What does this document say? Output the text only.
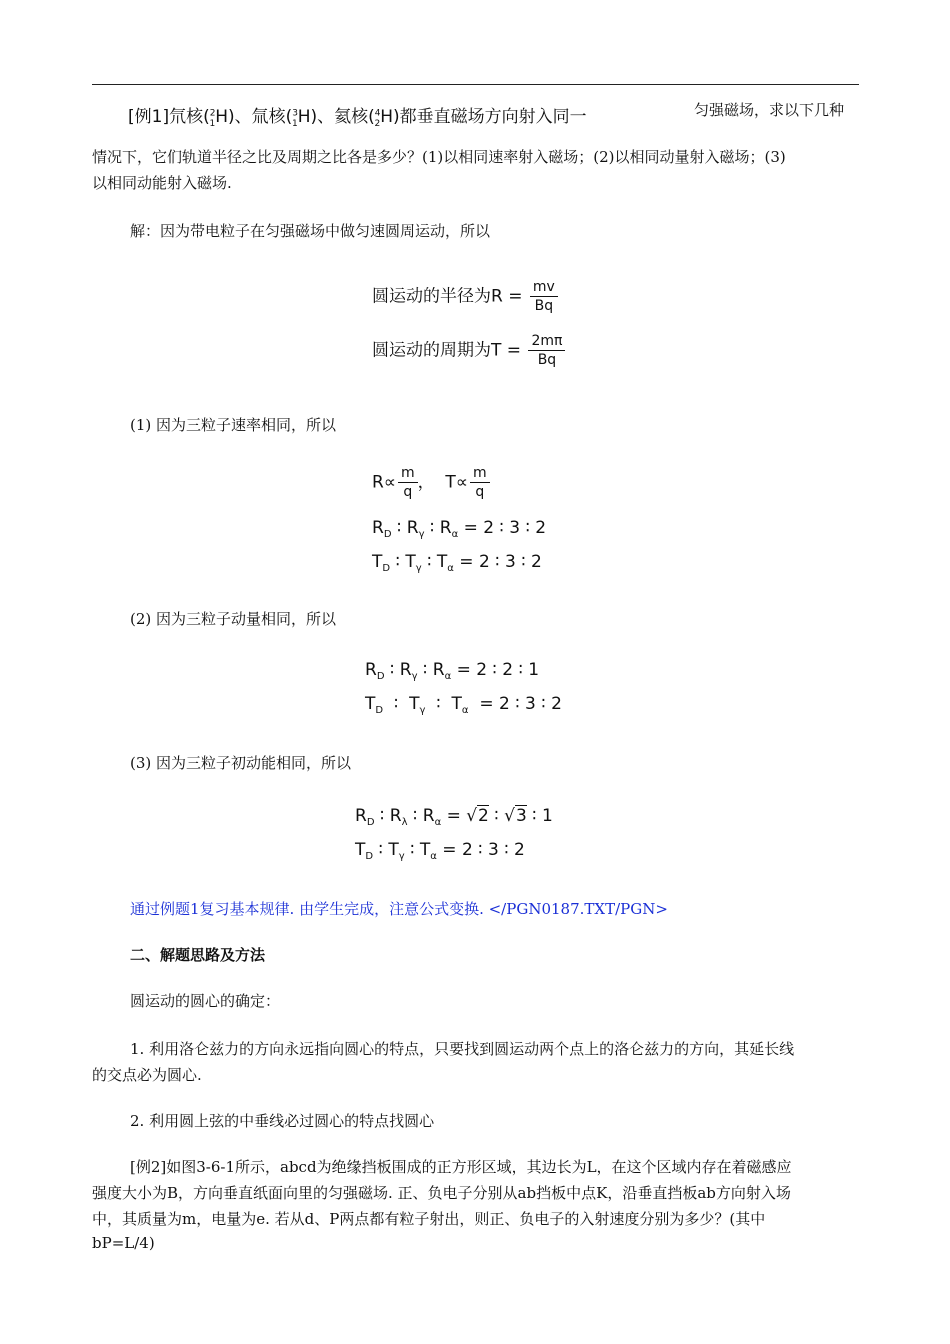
[例1]氘核($^2_1$H)、氚核($^3_1$H)、氦核($^4_2$H)都垂直磁场方向射入同一	匀强磁场，求以下几种
情况下，它们轨道半径之比及周期之比各是多少？(1)以相同速率射入磁场；(2)以相同动量射入磁场；(3)
以相同动能射入磁场.
解：因为带电粒子在匀强磁场中做匀速圆周运动，所以
圆运动的半径为$R = \frac{mv}{Bq}$
圆运动的周期为$T = \frac{2m\pi}{Bq}$
(1) 因为三粒子速率相同，所以
$R\propto \frac{m}{q}$ ， $T\propto \frac{m}{q}$
$R_D$ ∶ $R_\gamma$ ∶ $R_\alpha = 2$ ∶ 3 ∶ 2
$T_D$ ∶ $T_\gamma$ ∶ $T_\alpha = 2$ ∶ 3 ∶ 2
(2) 因为三粒子动量相同，所以
$R_D$ ∶ $R_\gamma$ ∶ $R_\alpha = 2$ ∶ 2 ∶ 1
$T_D$ ∶ $T_\gamma$ ∶ $T_\alpha = 2$ ∶ 3 ∶ 2
(3) 因为三粒子初动能相同，所以
$R_D$ ∶ $R_\lambda$ ∶ $R_\alpha = √2$ ∶ √3 ∶ 1
$T_D$ ∶ $T_\gamma$ ∶ $T_\alpha = 2$ ∶ 3 ∶ 2
通过例题1复习基本规律. 由学生完成，注意公式变换. </PGN0187.TXT/PGN>
二、解题思路及方法
圆运动的圆心的确定：
1. 利用洛仑兹力的方向永远指向圆心的特点，只要找到圆运动两个点上的洛仑兹力的方向，其延长线
的交点必为圆心.
2. 利用圆上弦的中垂线必过圆心的特点找圆心
[例2]如图3-6-1所示，abcd为绝缘挡板围成的正方形区域，其边长为L，在这个区域内存在着磁感应
强度大小为B，方向垂直纸面向里的匀强磁场. 正、负电子分别从ab挡板中点K，沿垂直挡板ab方向射入场
中，其质量为m，电量为e. 若从d、P两点都有粒子射出，则正、负电子的入射速度分别为多少？(其中
bP=L/4)
